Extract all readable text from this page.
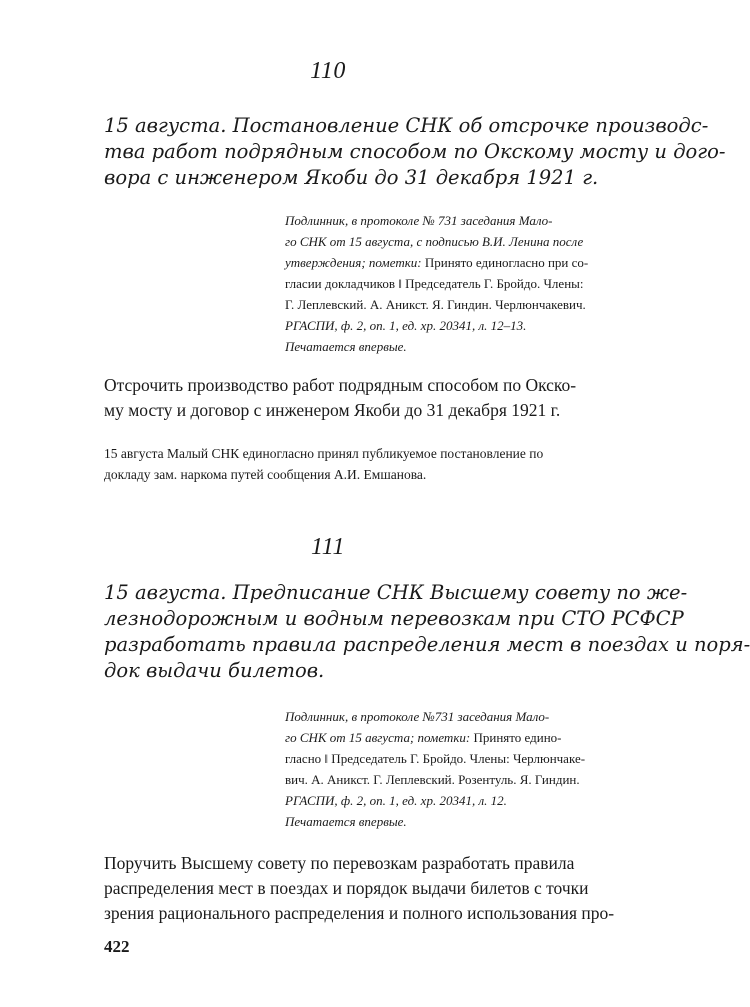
110
15 августа. Постановление СНК об отсрочке производс-
тва работ подрядным способом по Окскому мосту и дого-
вора с инженером Якоби до 31 декабря 1921 г.
Подлинник, в протоколе № 731 заседания Мало-
го СНК от 15 августа, с подписью В.И. Ленина после
утверждения; пометки: Принято единогласно при со-
гласии докладчиков ‖ Председатель Г. Бройдо. Члены:
Г. Леплевский. А. Аникст. Я. Гиндин. Черлюнчакевич.
РГАСПИ, ф. 2, оп. 1, ед. хр. 20341, л. 12–13.
Печатается впервые.
Отсрочить производство работ подрядным способом по Окско-
му мосту и договор с инженером Якоби до 31 декабря 1921 г.
15 августа Малый СНК единогласно принял публикуемое постановление по
докладу зам. наркома путей сообщения А.И. Емшанова.
111
15 августа. Предписание СНК Высшему совету по же-
лезнодорожным и водным перевозкам при СТО РСФСР
разработать правила распределения мест в поездах и поря-
док выдачи билетов.
Подлинник, в протоколе №731 заседания Мало-
го СНК от 15 августа; пометки: Принято едино-
гласно ‖ Председатель Г. Бройдо. Члены: Черлюнчаке-
вич. А. Аникст. Г. Леплевский. Розентуль. Я. Гиндин.
РГАСПИ, ф. 2, оп. 1, ед. хр. 20341, л. 12.
Печатается впервые.
Поручить Высшему совету по перевозкам разработать правила
распределения мест в поездах и порядок выдачи билетов с точки
зрения рационального распределения и полного использования про-
422
